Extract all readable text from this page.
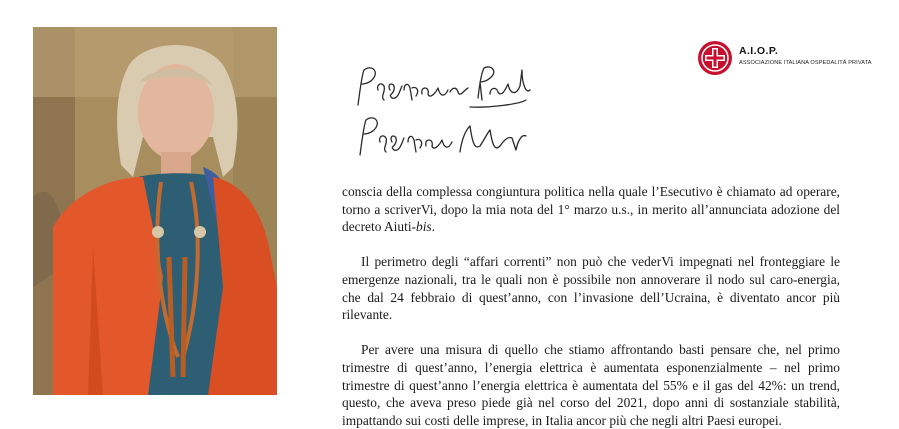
A.I.O.P.
ASSOCIAZIONE ITALIANA OSPEDALITÀ PRIVATA

conscia della complessa congiuntura politica nella quale l’Esecutivo è chiamato ad operare, torno a scriverVi, dopo la mia nota del 1° marzo u.s., in merito all’annunciata adozione del decreto Aiuti-bis.

Il perimetro degli “affari correnti” non può che vederVi impegnati nel fronteggiare le emergenze nazionali, tra le quali non è possibile non annoverare il nodo sul caro-energia, che dal 24 febbraio di quest’anno, con l’invasione dell’Ucraina, è diventato ancor più rilevante.

Per avere una misura di quello che stiamo affrontando basti pensare che, nel primo trimestre di quest’anno, l’energia elettrica è aumentata esponenzialmente – nel primo trimestre di quest’anno l’energia elettrica è aumentata del 55% e il gas del 42%: un trend, questo, che aveva preso piede già nel corso del 2021, dopo anni di sostanziale stabilità, impattando sui costi delle imprese, in Italia ancor più che negli altri Paesi europei.
